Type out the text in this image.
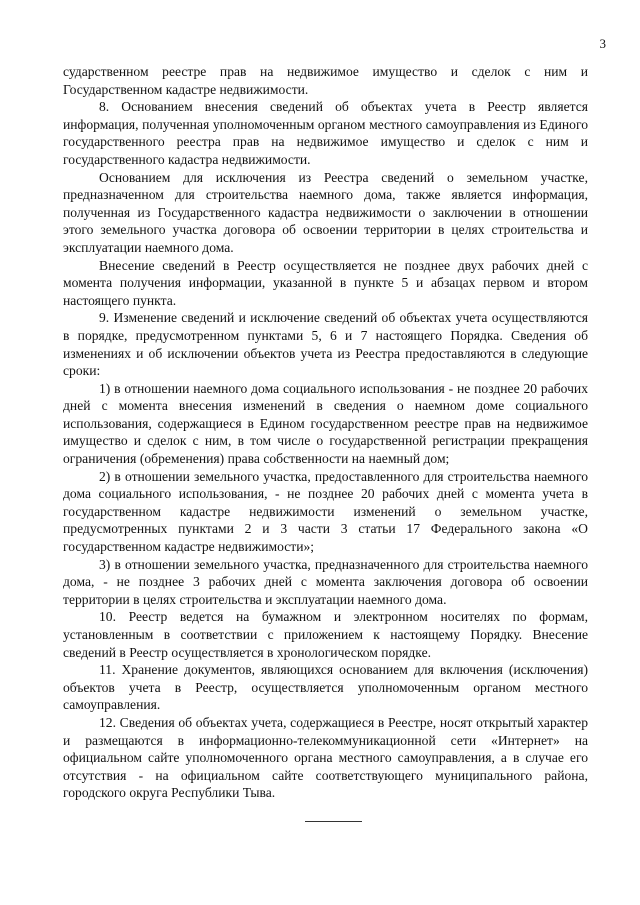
3

сударственном реестре прав на недвижимое имущество и сделок с ним и Государственном кадастре недвижимости.

8. Основанием внесения сведений об объектах учета в Реестр является информация, полученная уполномоченным органом местного самоуправления из Единого государственного реестра прав на недвижимое имущество и сделок с ним и государственного кадастра недвижимости.

Основанием для исключения из Реестра сведений о земельном участке, предназначенном для строительства наемного дома, также является информация, полученная из Государственного кадастра недвижимости о заключении в отношении этого земельного участка договора об освоении территории в целях строительства и эксплуатации наемного дома.

Внесение сведений в Реестр осуществляется не позднее двух рабочих дней с момента получения информации, указанной в пункте 5 и абзацах первом и втором настоящего пункта.

9. Изменение сведений и исключение сведений об объектах учета осуществляются в порядке, предусмотренном пунктами 5, 6 и 7 настоящего Порядка. Сведения об изменениях и об исключении объектов учета из Реестра предоставляются в следующие сроки:

1) в отношении наемного дома социального использования - не позднее 20 рабочих дней с момента внесения изменений в сведения о наемном доме социального использования, содержащиеся в Едином государственном реестре прав на недвижимое имущество и сделок с ним, в том числе о государственной регистрации прекращения ограничения (обременения) права собственности на наемный дом;

2) в отношении земельного участка, предоставленного для строительства наемного дома социального использования, - не позднее 20 рабочих дней с момента учета в государственном кадастре недвижимости изменений о земельном участке, предусмотренных пунктами 2 и 3 части 3 статьи 17 Федерального закона «О государственном кадастре недвижимости»;

3) в отношении земельного участка, предназначенного для строительства наемного дома, - не позднее 3 рабочих дней с момента заключения договора об освоении территории в целях строительства и эксплуатации наемного дома.

10. Реестр ведется на бумажном и электронном носителях по формам, установленным в соответствии с приложением к настоящему Порядку. Внесение сведений в Реестр осуществляется в хронологическом порядке.

11. Хранение документов, являющихся основанием для включения (исключения) объектов учета в Реестр, осуществляется уполномоченным органом местного самоуправления.

12. Сведения об объектах учета, содержащиеся в Реестре, носят открытый характер и размещаются в информационно-телекоммуникационной сети «Интернет» на официальном сайте уполномоченного органа местного самоуправления, а в случае его отсутствия - на официальном сайте соответствующего муниципального района, городского округа Республики Тыва.
